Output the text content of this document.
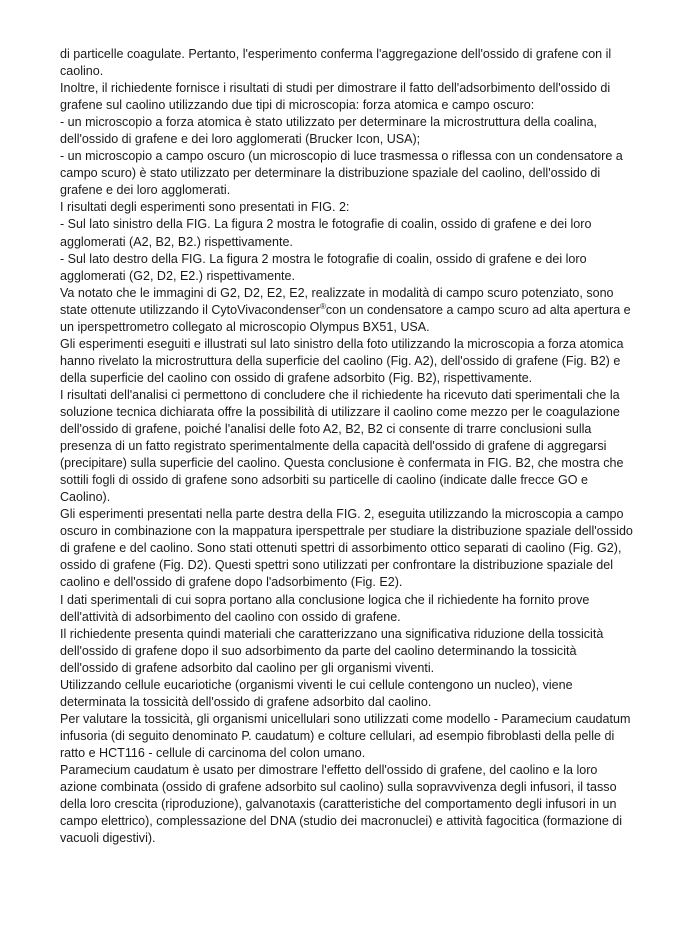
di particelle coagulate. Pertanto, l'esperimento conferma l'aggregazione dell'ossido di grafene con il
caolino.

Inoltre, il richiedente fornisce i risultati di studi per dimostrare il fatto dell'adsorbimento dell'ossido di
grafene sul caolino utilizzando due tipi di microscopia: forza atomica e campo oscuro:

- un microscopio a forza atomica è stato utilizzato per determinare la microstruttura della coalina,
dell'ossido di grafene e dei loro agglomerati (Brucker Icon, USA);

- un microscopio a campo oscuro (un microscopio di luce trasmessa o riflessa con un condensatore a
campo scuro) è stato utilizzato per determinare la distribuzione spaziale del caolino, dell'ossido di
grafene e dei loro agglomerati.

I risultati degli esperimenti sono presentati in FIG. 2:

- Sul lato sinistro della FIG. La figura 2 mostra le fotografie di coalin, ossido di grafene e dei loro
agglomerati (A2, B2, B2.) rispettivamente.

- Sul lato destro della FIG. La figura 2 mostra le fotografie di coalin, ossido di grafene e dei loro
agglomerati (G2, D2, E2.) rispettivamente.

Va notato che le immagini di G2, D2, E2, E2, realizzate in modalità di campo scuro potenziato, sono

state ottenute utilizzando il CytoVivacondenser®con un condensatore a campo scuro ad alta apertura e
un iperspettrometro collegato al microscopio Olympus BX51, USA.

Gli esperimenti eseguiti e illustrati sul lato sinistro della foto utilizzando la microscopia a forza atomica
hanno rivelato la microstruttura della superficie del caolino (Fig. A2), dell'ossido di grafene (Fig. B2) e
della superficie del caolino con ossido di grafene adsorbito (Fig. B2), rispettivamente.

I risultati dell'analisi ci permettono di concludere che il richiedente ha ricevuto dati sperimentali che la
soluzione tecnica dichiarata offre la possibilità di utilizzare il caolino come mezzo per le coagulazione
dell'ossido di grafene, poiché l'analisi delle foto A2, B2, B2 ci consente di trarre conclusioni sulla
presenza di un fatto registrato sperimentalmente della capacità dell'ossido di grafene di aggregarsi
(precipitare) sulla superficie del caolino. Questa conclusione è confermata in FIG. B2, che mostra che
sottili fogli di ossido di grafene sono adsorbiti su particelle di caolino (indicate dalle frecce GO e
Caolino).

Gli esperimenti presentati nella parte destra della FIG. 2, eseguita utilizzando la microscopia a campo
oscuro in combinazione con la mappatura iperspettrale per studiare la distribuzione spaziale dell'ossido
di grafene e del caolino. Sono stati ottenuti spettri di assorbimento ottico separati di caolino (Fig. G2),
ossido di grafene (Fig. D2). Questi spettri sono utilizzati per confrontare la distribuzione spaziale del
caolino e dell'ossido di grafene dopo l'adsorbimento (Fig. E2).

I dati sperimentali di cui sopra portano alla conclusione logica che il richiedente ha fornito prove
dell'attività di adsorbimento del caolino con ossido di grafene.

Il richiedente presenta quindi materiali che caratterizzano una significativa riduzione della tossicità
dell'ossido di grafene dopo il suo adsorbimento da parte del caolino determinando la tossicità
dell'ossido di grafene adsorbito dal caolino per gli organismi viventi.

Utilizzando cellule eucariotiche (organismi viventi le cui cellule contengono un nucleo), viene
determinata la tossicità dell'ossido di grafene adsorbito dal caolino.

Per valutare la tossicità, gli organismi unicellulari sono utilizzati come modello - Paramecium caudatum
infusoria (di seguito denominato P. caudatum) e colture cellulari, ad esempio fibroblasti della pelle di
ratto e HCT116 - cellule di carcinoma del colon umano.

Paramecium caudatum è usato per dimostrare l'effetto dell'ossido di grafene, del caolino e la loro
azione combinata (ossido di grafene adsorbito sul caolino) sulla sopravvivenza degli infusori, il tasso
della loro crescita (riproduzione), galvanotaxis (caratteristiche del comportamento degli infusori in un
campo elettrico), complessazione del DNA (studio dei macronuclei) e attività fagocitica (formazione di
vacuoli digestivi).
